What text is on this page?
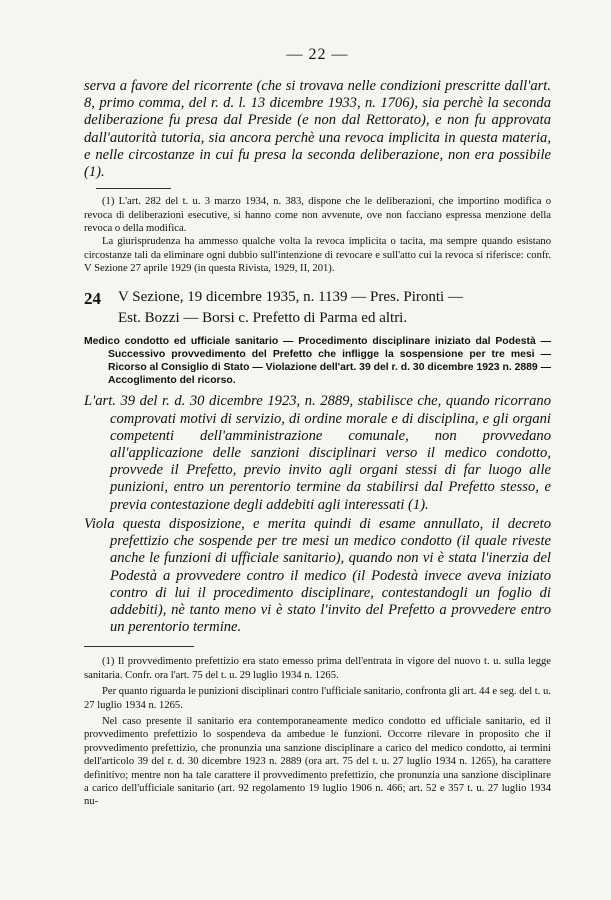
— 22 —

serva a favore del ricorrente (che si trovava nelle condizioni prescritte dall'art. 8, primo comma, del r. d. l. 13 dicembre 1933, n. 1706), sia perchè la seconda deliberazione fu presa dal Preside (e non dal Rettorato), e non fu approvata dall'autorità tutoria, sia ancora perchè una revoca implicita in questa materia, e nelle circostanze in cui fu presa la seconda deliberazione, non era possibile (1).

(1) L'art. 282 del t. u. 3 marzo 1934, n. 383, dispone che le deliberazioni, che importino modifica o revoca di deliberazioni esecutive, si hanno come non avvenute, ove non facciano espressa menzione della revoca o della modifica.

La giurisprudenza ha ammesso qualche volta la revoca implicita o tacita, ma sempre quando esistano circostanze tali da eliminare ogni dubbio sull'intenzione di revocare e sull'atto cui la revoca si riferisce: confr. V Sezione 27 aprile 1929 (in questa Rivista, 1929, II, 201).

24	V Sezione, 19 dicembre 1935, n. 1139 — Pres. Pironti —
Est. Bozzi — Borsi c. Prefetto di Parma ed altri.

Medico condotto ed ufficiale sanitario — Procedimento disciplinare iniziato dal Podestà — Successivo provvedimento del Prefetto che infligge la sospensione per tre mesi — Ricorso al Consiglio di Stato — Violazione dell'art. 39 del r. d. 30 dicembre 1923 n. 2889 —Accoglimento del ricorso.

L'art. 39 del r. d. 30 dicembre 1923, n. 2889, stabilisce che, quando ricorrano comprovati motivi di servizio, di ordine morale e di disciplina, e gli organi competenti dell'amministrazione comunale, non provvedano all'applicazione delle sanzioni disciplinari verso il medico condotto, provvede il Prefetto, previo invito agli organi stessi di far luogo alle punizioni, entro un perentorio termine da stabilirsi dal Prefetto stesso, e previa contestazione degli addebiti agli interessati (1).

Viola questa disposizione, e merita quindi di esame annullato, il decreto prefettizio che sospende per tre mesi un medico condotto (il quale riveste anche le funzioni di ufficiale sanitario), quando non vi è stata l'inerzia del Podestà a provvedere contro il medico (il Podestà invece aveva iniziato contro di lui il procedimento disciplinare, contestandogli un foglio di addebiti), nè tanto meno vi è stato l'invito del Prefetto a provvedere entro un perentorio termine.

(1) Il provvedimento prefettizio era stato emesso prima dell'entrata in vigore del nuovo t. u. sulla legge sanitaria. Confr. ora l'art. 75 del t. u. 29 luglio 1934 n. 1265.

Per quanto riguarda le punizioni disciplinari contro l'ufficiale sanitario, confronta gli art. 44 e seg. del t. u. 27 luglio 1934 n. 1265.

Nel caso presente il sanitario era contemporaneamente medico condotto ed ufficiale sanitario, ed il provvedimento prefettizio lo sospendeva da ambedue le funzioni. Occorre rilevare in proposito che il provvedimento prefettizio, che pronunzia una sanzione disciplinare a carico del medico condotto, ai termini dell'articolo 39 del r. d. 30 dicembre 1923 n. 2889 (ora art. 75 del t. u. 27 luglio 1934 n. 1265), ha carattere definitivo; mentre non ha tale carattere il provvedimento prefettizio, che pronunzia una sanzione disciplinare a carico dell'ufficiale sanitario (art. 92 regolamento 19 luglio 1906 n. 466; art. 52 e 357 t. u. 27 luglio 1934 nu-
